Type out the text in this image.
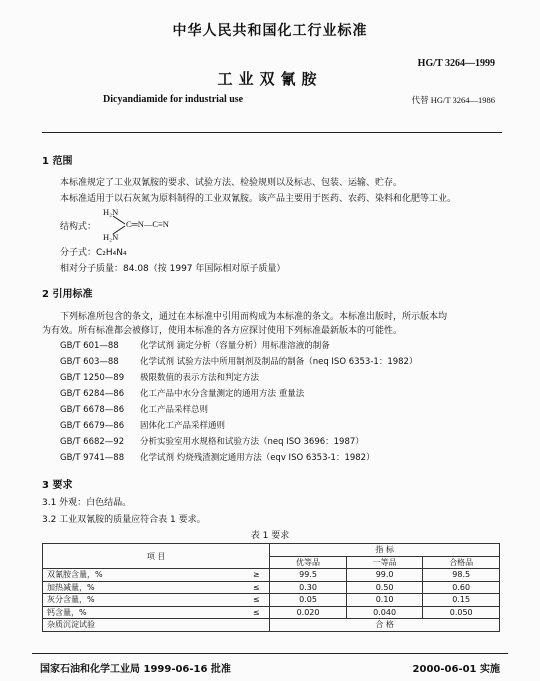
中华人民共和国化工行业标准
HG/T 3264—1999
工业双氰胺
Dicyandiamide for industrial use	代替 HG/T 3264—1986
1 范围
本标准规定了工业双氰胺的要求、试验方法、检验规则以及标志、包装、运输、贮存。
本标准适用于以石灰氮为原料制得的工业双氰胺。该产品主要用于医药、农药、染料和化肥等工业。
H₂N
结构式：	C═N—C≡N
H₂N
分子式：C₂H₄N₄
相对分子质量：84.08（按 1997 年国际相对原子质量）
2 引用标准
下列标准所包含的条文，通过在本标准中引用而构成为本标准的条文。本标准出版时，所示版本均
为有效。所有标准都会被修订，使用本标准的各方应探讨使用下列标准最新版本的可能性。
GB/T 601—88	化学试剂 滴定分析（容量分析）用标准溶液的制备
GB/T 603—88	化学试剂 试验方法中所用制剂及制品的制备（neq ISO 6353-1：1982）
GB/T 1250—89 极限数值的表示方法和判定方法
GB/T 6284—86 化工产品中水分含量测定的通用方法 重量法
GB/T 6678—86 化工产品采样总则
GB/T 6679—86 固体化工产品采样通则
GB/T 6682—92 分析实验室用水规格和试验方法（neq ISO 3696：1987）
GB/T 9741—88 化学试剂 灼烧残渣测定通用方法（eqv ISO 6353-1：1982）
3 要求
3.1 外观：白色结晶。
3.2 工业双氰胺的质量应符合表 1 要求。
表 1 要求
项 目		指 标		
		优等品	一等品	合格品
双氰胺含量，%	≥	99.5	99.0	98.5
加热减量，%	≤	0.30	0.50	0.60
灰分含量，%	≤	0.05	0.10	0.15
钙含量，%	≤	0.020	0.040	0.050
杂质沉淀试验		合 格		
国家石油和化学工业局 1999-06-16 批准	2000-06-01 实施
